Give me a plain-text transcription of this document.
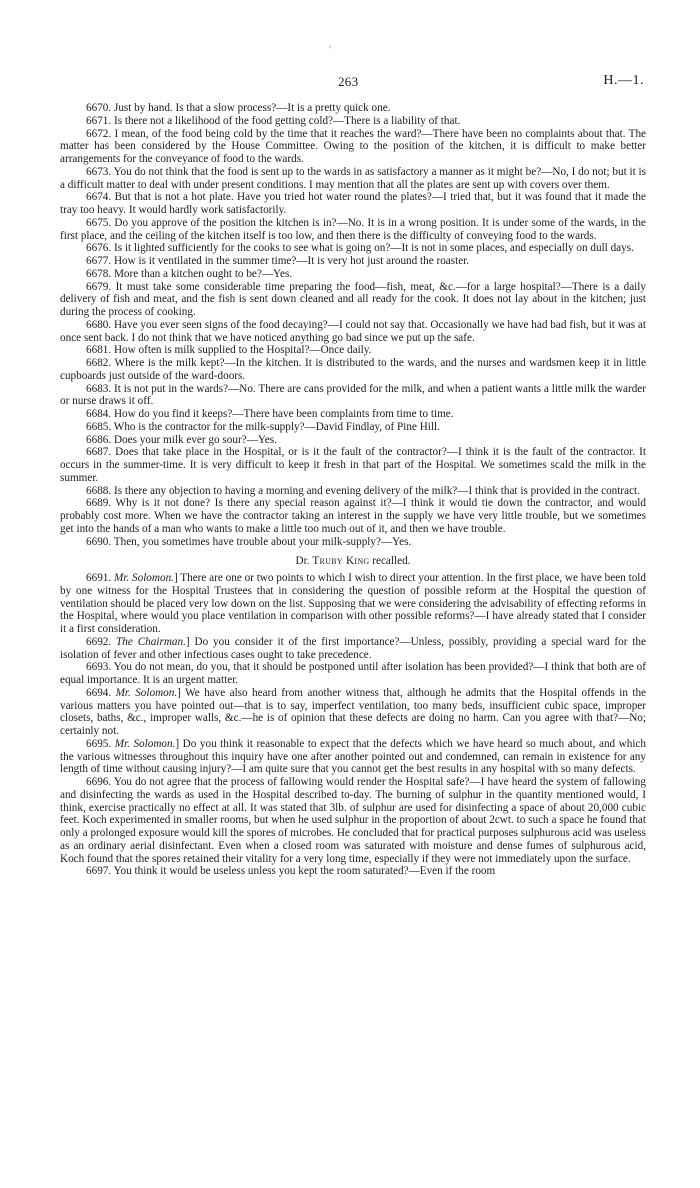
'
263	H.—1.

6670. Just by hand. Is that a slow process?—It is a pretty quick one.

6671. Is there not a likelihood of the food getting cold?—There is a liability of that.

6672. I mean, of the food being cold by the time that it reaches the ward?—There have been no complaints about that. The matter has been considered by the House Committee. Owing to the position of the kitchen, it is difficult to make better arrangements for the conveyance of food to the wards.

6673. You do not think that the food is sent up to the wards in as satisfactory a manner as it might be?—No, I do not; but it is a difficult matter to deal with under present conditions. I may mention that all the plates are sent up with covers over them.

6674. But that is not a hot plate. Have you tried hot water round the plates?—I tried that, but it was found that it made the tray too heavy. It would hardly work satisfactorily.

6675. Do you approve of the position the kitchen is in?—No. It is in a wrong position. It is under some of the wards, in the first place, and the ceiling of the kitchen itself is too low, and then there is the difficulty of conveying food to the wards.

6676. Is it lighted sufficiently for the cooks to see what is going on?—It is not in some places, and especially on dull days.

6677. How is it ventilated in the summer time?—It is very hot just around the roaster.

6678. More than a kitchen ought to be?—Yes.

6679. It must take some considerable time preparing the food—fish, meat, &c.—for a large hospital?—There is a daily delivery of fish and meat, and the fish is sent down cleaned and all ready for the cook. It does not lay about in the kitchen; just during the process of cooking.

6680. Have you ever seen signs of the food decaying?—I could not say that. Occasionally we have had bad fish, but it was at once sent back. I do not think that we have noticed anything go bad since we put up the safe.

6681. How often is milk supplied to the Hospital?—Once daily.

6682. Where is the milk kept?—In the kitchen. It is distributed to the wards, and the nurses and wardsmen keep it in little cupboards just outside of the ward-doors.

6683. It is not put in the wards?—No. There are cans provided for the milk, and when a patient wants a little milk the warder or nurse draws it off.

6684. How do you find it keeps?—There have been complaints from time to time.

6685. Who is the contractor for the milk-supply?—David Findlay, of Pine Hill.

6686. Does your milk ever go sour?—Yes.

6687. Does that take place in the Hospital, or is it the fault of the contractor?—I think it is the fault of the contractor. It occurs in the summer-time. It is very difficult to keep it fresh in that part of the Hospital. We sometimes scald the milk in the summer.

6688. Is there any objection to having a morning and evening delivery of the milk?—I think that is provided in the contract.

6689. Why is it not done? Is there any special reason against it?—I think it would tie down the contractor, and would probably cost more. When we have the contractor taking an interest in the supply we have very little trouble, but we sometimes get into the hands of a man who wants to make a little too much out of it, and then we have trouble.

6690. Then, you sometimes have trouble about your milk-supply?—Yes.

Dr. Truby King recalled.

6691. Mr. Solomon.] There are one or two points to which I wish to direct your attention. In the first place, we have been told by one witness for the Hospital Trustees that in considering the question of possible reform at the Hospital the question of ventilation should be placed very low down on the list. Supposing that we were considering the advisability of effecting reforms in the Hospital, where would you place ventilation in comparison with other possible reforms?—I have already stated that I consider it a first consideration.

6692. The Chairman.] Do you consider it of the first importance?—Unless, possibly, providing a special ward for the isolation of fever and other infectious cases ought to take precedence.

6693. You do not mean, do you, that it should be postponed until after isolation has been provided?—I think that both are of equal importance. It is an urgent matter.

6694. Mr. Solomon.] We have also heard from another witness that, although he admits that the Hospital offends in the various matters you have pointed out—that is to say, imperfect ventilation, too many beds, insufficient cubic space, improper closets, baths, &c., improper walls, &c.—he is of opinion that these defects are doing no harm. Can you agree with that?—No; certainly not.

6695. Mr. Solomon.] Do you think it reasonable to expect that the defects which we have heard so much about, and which the various witnesses throughout this inquiry have one after another pointed out and condemned, can remain in existence for any length of time without causing injury?—I am quite sure that you cannot get the best results in any hospital with so many defects.

6696. You do not agree that the process of fallowing would render the Hospital safe?—I have heard the system of fallowing and disinfecting the wards as used in the Hospital described to-day. The burning of sulphur in the quantity mentioned would, I think, exercise practically no effect at all. It was stated that 3lb. of sulphur are used for disinfecting a space of about 20,000 cubic feet. Koch experimented in smaller rooms, but when he used sulphur in the proportion of about 2cwt. to such a space he found that only a prolonged exposure would kill the spores of microbes. He concluded that for practical purposes sulphurous acid was useless as an ordinary aerial disinfectant. Even when a closed room was saturated with moisture and dense fumes of sulphurous acid, Koch found that the spores retained their vitality for a very long time, especially if they were not immediately upon the surface.

6697. You think it would be useless unless you kept the room saturated?—Even if the room
